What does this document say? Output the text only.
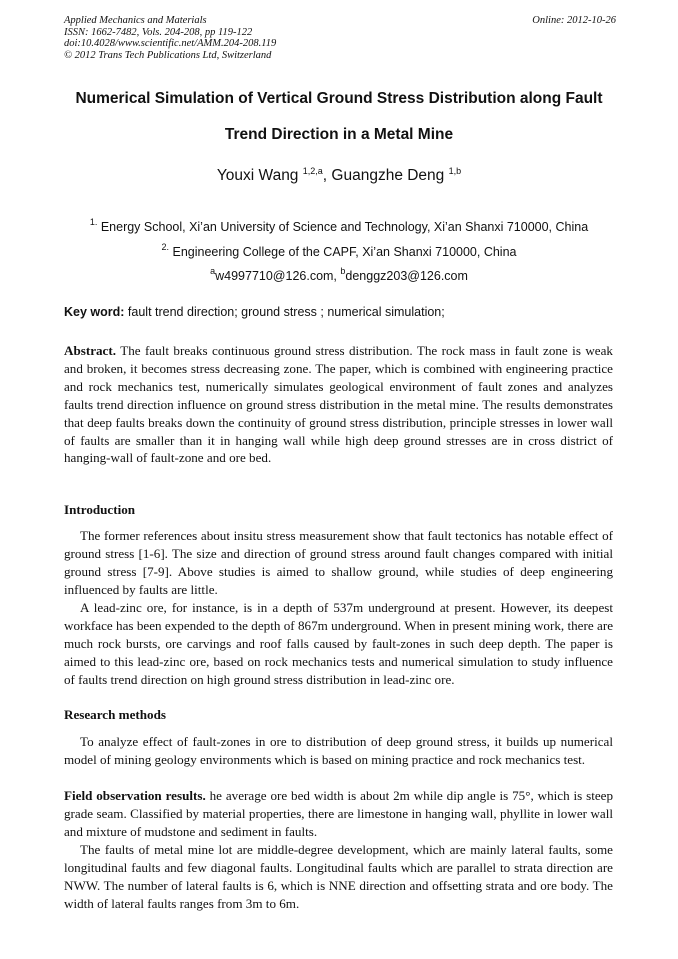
Applied Mechanics and Materials
ISSN: 1662-7482, Vols. 204-208, pp 119-122
doi:10.4028/www.scientific.net/AMM.204-208.119
© 2012 Trans Tech Publications Ltd, Switzerland
Online: 2012-10-26
Numerical Simulation of Vertical Ground Stress Distribution along Fault
Trend Direction in a Metal Mine
Youxi Wang $^{1,2,a}$, Guangzhe Deng $^{1,b}$
$^{1.}$ Energy School, Xi’an University of Science and Technology, Xi’an Shanxi 710000, China
$^{2.}$ Engineering College of the CAPF, Xi’an Shanxi 710000, China
$^a$w4997710@126.com, $^b$denggz203@126.com
Key word: fault trend direction; ground stress ; numerical simulation;

Abstract. The fault breaks continuous ground stress distribution. The rock mass in fault zone is weak and broken, it becomes stress decreasing zone. The paper, which is combined with engineering practice and rock mechanics test, numerically simulates geological environment of fault zones and analyzes faults trend direction influence on ground stress distribution in the metal mine. The results demonstrates that deep faults breaks down the continuity of ground stress distribution, principle stresses in lower wall of faults are smaller than it in hanging wall while high deep ground stresses are in cross district of hanging-wall of fault-zone and ore bed.

Introduction

The former references about insitu stress measurement show that fault tectonics has notable effect of ground stress [1-6]. The size and direction of ground stress around fault changes compared with initial ground stress [7-9]. Above studies is aimed to shallow ground, while studies of deep engineering influenced by faults are little.

A lead-zinc ore, for instance, is in a depth of 537m underground at present. However, its deepest workface has been expended to the depth of 867m underground. When in present mining work, there are much rock bursts, ore carvings and roof falls caused by fault-zones in such deep depth. The paper is aimed to this lead-zinc ore, based on rock mechanics tests and numerical simulation to study influence of faults trend direction on high ground stress distribution in lead-zinc ore.

Research methods

To analyze effect of fault-zones in ore to distribution of deep ground stress, it builds up numerical model of mining geology environments which is based on mining practice and rock mechanics test.

Field observation results. he average ore bed width is about 2m while dip angle is 75°, which is steep grade seam. Classified by material properties, there are limestone in hanging wall, phyllite in lower wall and mixture of mudstone and sediment in faults.

The faults of metal mine lot are middle-degree development, which are mainly lateral faults, some longitudinal faults and few diagonal faults. Longitudinal faults which are parallel to strata direction are NWW. The number of lateral faults is 6, which is NNE direction and offsetting strata and ore body. The width of lateral faults ranges from 3m to 6m.
